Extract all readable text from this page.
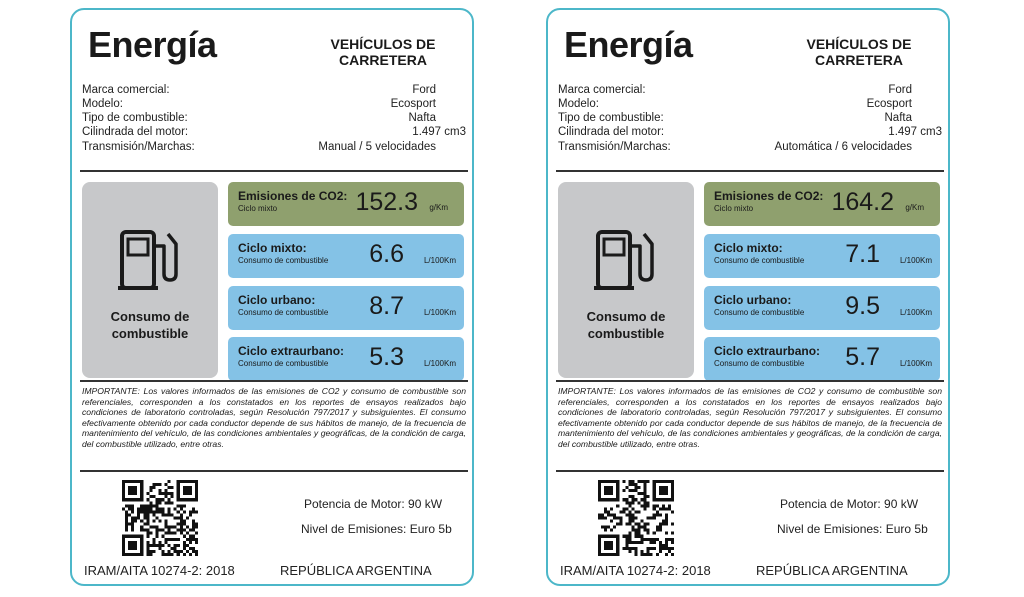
Energía	VEHÍCULOS DE CARRETERA
Marca comercial:	Ford
Modelo:	Ecosport
Tipo de combustible:	Nafta
Cilindrada del motor:	1.497 cm3
Transmisión/Marchas:	Manual / 5 velocidades
Consumo de combustible
Emisiones de CO2:
Ciclo mixto	152.3 g/Km
Ciclo mixto:
Consumo de combustible 6.6 L/100Km
Ciclo urbano:
Consumo de combustible 8.7 L/100Km
Ciclo extraurbano:
Consumo de combustible 5.3 L/100Km
IMPORTANTE: Los valores informados de las emisiones de CO2 y consumo de combustible son referenciales, corresponden a los constatados en los reportes de ensayos realizados bajo condiciones de laboratorio controladas, según Resolución 797/2017 y subsiguientes. El consumo efectivamente obtenido por cada conductor depende de sus hábitos de manejo, de la frecuencia de mantenimiento del vehículo, de las condiciones ambientales y geográficas, de la condición de carga, del combustible utilizado, entre otras.
Potencia de Motor: 90 kW
Nivel de Emisiones: Euro 5b
IRAM/AITA 10274-2: 2018	REPÚBLICA ARGENTINA
Energía	VEHÍCULOS DE CARRETERA
Marca comercial:	Ford
Modelo:	Ecosport
Tipo de combustible:	Nafta
Cilindrada del motor:	1.497 cm3
Transmisión/Marchas:	Automática / 6 velocidades
Consumo de combustible
Emisiones de CO2:
Ciclo mixto	164.2 g/Km
Ciclo mixto:
Consumo de combustible 7.1 L/100Km
Ciclo urbano:
Consumo de combustible 9.5 L/100Km
Ciclo extraurbano:
Consumo de combustible 5.7 L/100Km
IMPORTANTE: Los valores informados de las emisiones de CO2 y consumo de combustible son referenciales, corresponden a los constatados en los reportes de ensayos realizados bajo condiciones de laboratorio controladas, según Resolución 797/2017 y subsiguientes. El consumo efectivamente obtenido por cada conductor depende de sus hábitos de manejo, de la frecuencia de mantenimiento del vehículo, de las condiciones ambientales y geográficas, de la condición de carga, del combustible utilizado, entre otras.
Potencia de Motor: 90 kW
Nivel de Emisiones: Euro 5b
IRAM/AITA 10274-2: 2018	REPÚBLICA ARGENTINA
